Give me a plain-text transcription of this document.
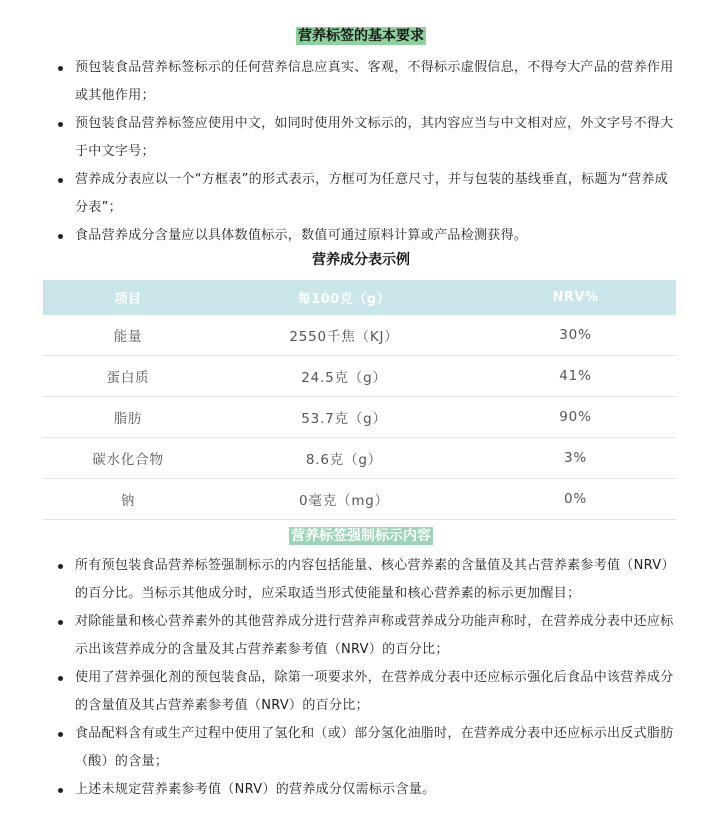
营养标签的基本要求
预包装食品营养标签标示的任何营养信息应真实、客观，不得标示虚假信息，不得夸大产品的营养作用或其他作用；
预包装食品营养标签应使用中文，如同时使用外文标示的，其内容应当与中文相对应，外文字号不得大于中文字号；
营养成分表应以一个“方框表”的形式表示，方框可为任意尺寸，并与包装的基线垂直，标题为“营养成分表”；
食品营养成分含量应以具体数值标示，数值可通过原料计算或产品检测获得。
营养成分表示例
项目	每100克（g）	NRV%
能量	2550千焦（KJ）	30%
蛋白质	24.5克（g）	41%
脂肪	53.7克（g）	90%
碳水化合物	8.6克（g）	3%
钠	0毫克（mg）	0%
营养标签强制标示内容
所有预包装食品营养标签强制标示的内容包括能量、核心营养素的含量值及其占营养素参考值（NRV）的百分比。当标示其他成分时，应采取适当形式使能量和核心营养素的标示更加醒目；
对除能量和核心营养素外的其他营养成分进行营养声称或营养成分功能声称时，在营养成分表中还应标示出该营养成分的含量及其占营养素参考值（NRV）的百分比；
使用了营养强化剂的预包装食品，除第一项要求外，在营养成分表中还应标示强化后食品中该营养成分的含量值及其占营养素参考值（NRV）的百分比；
食品配料含有或生产过程中使用了氢化和（或）部分氢化油脂时，在营养成分表中还应标示出反式脂肪（酸）的含量；
上述未规定营养素参考值（NRV）的营养成分仅需标示含量。
